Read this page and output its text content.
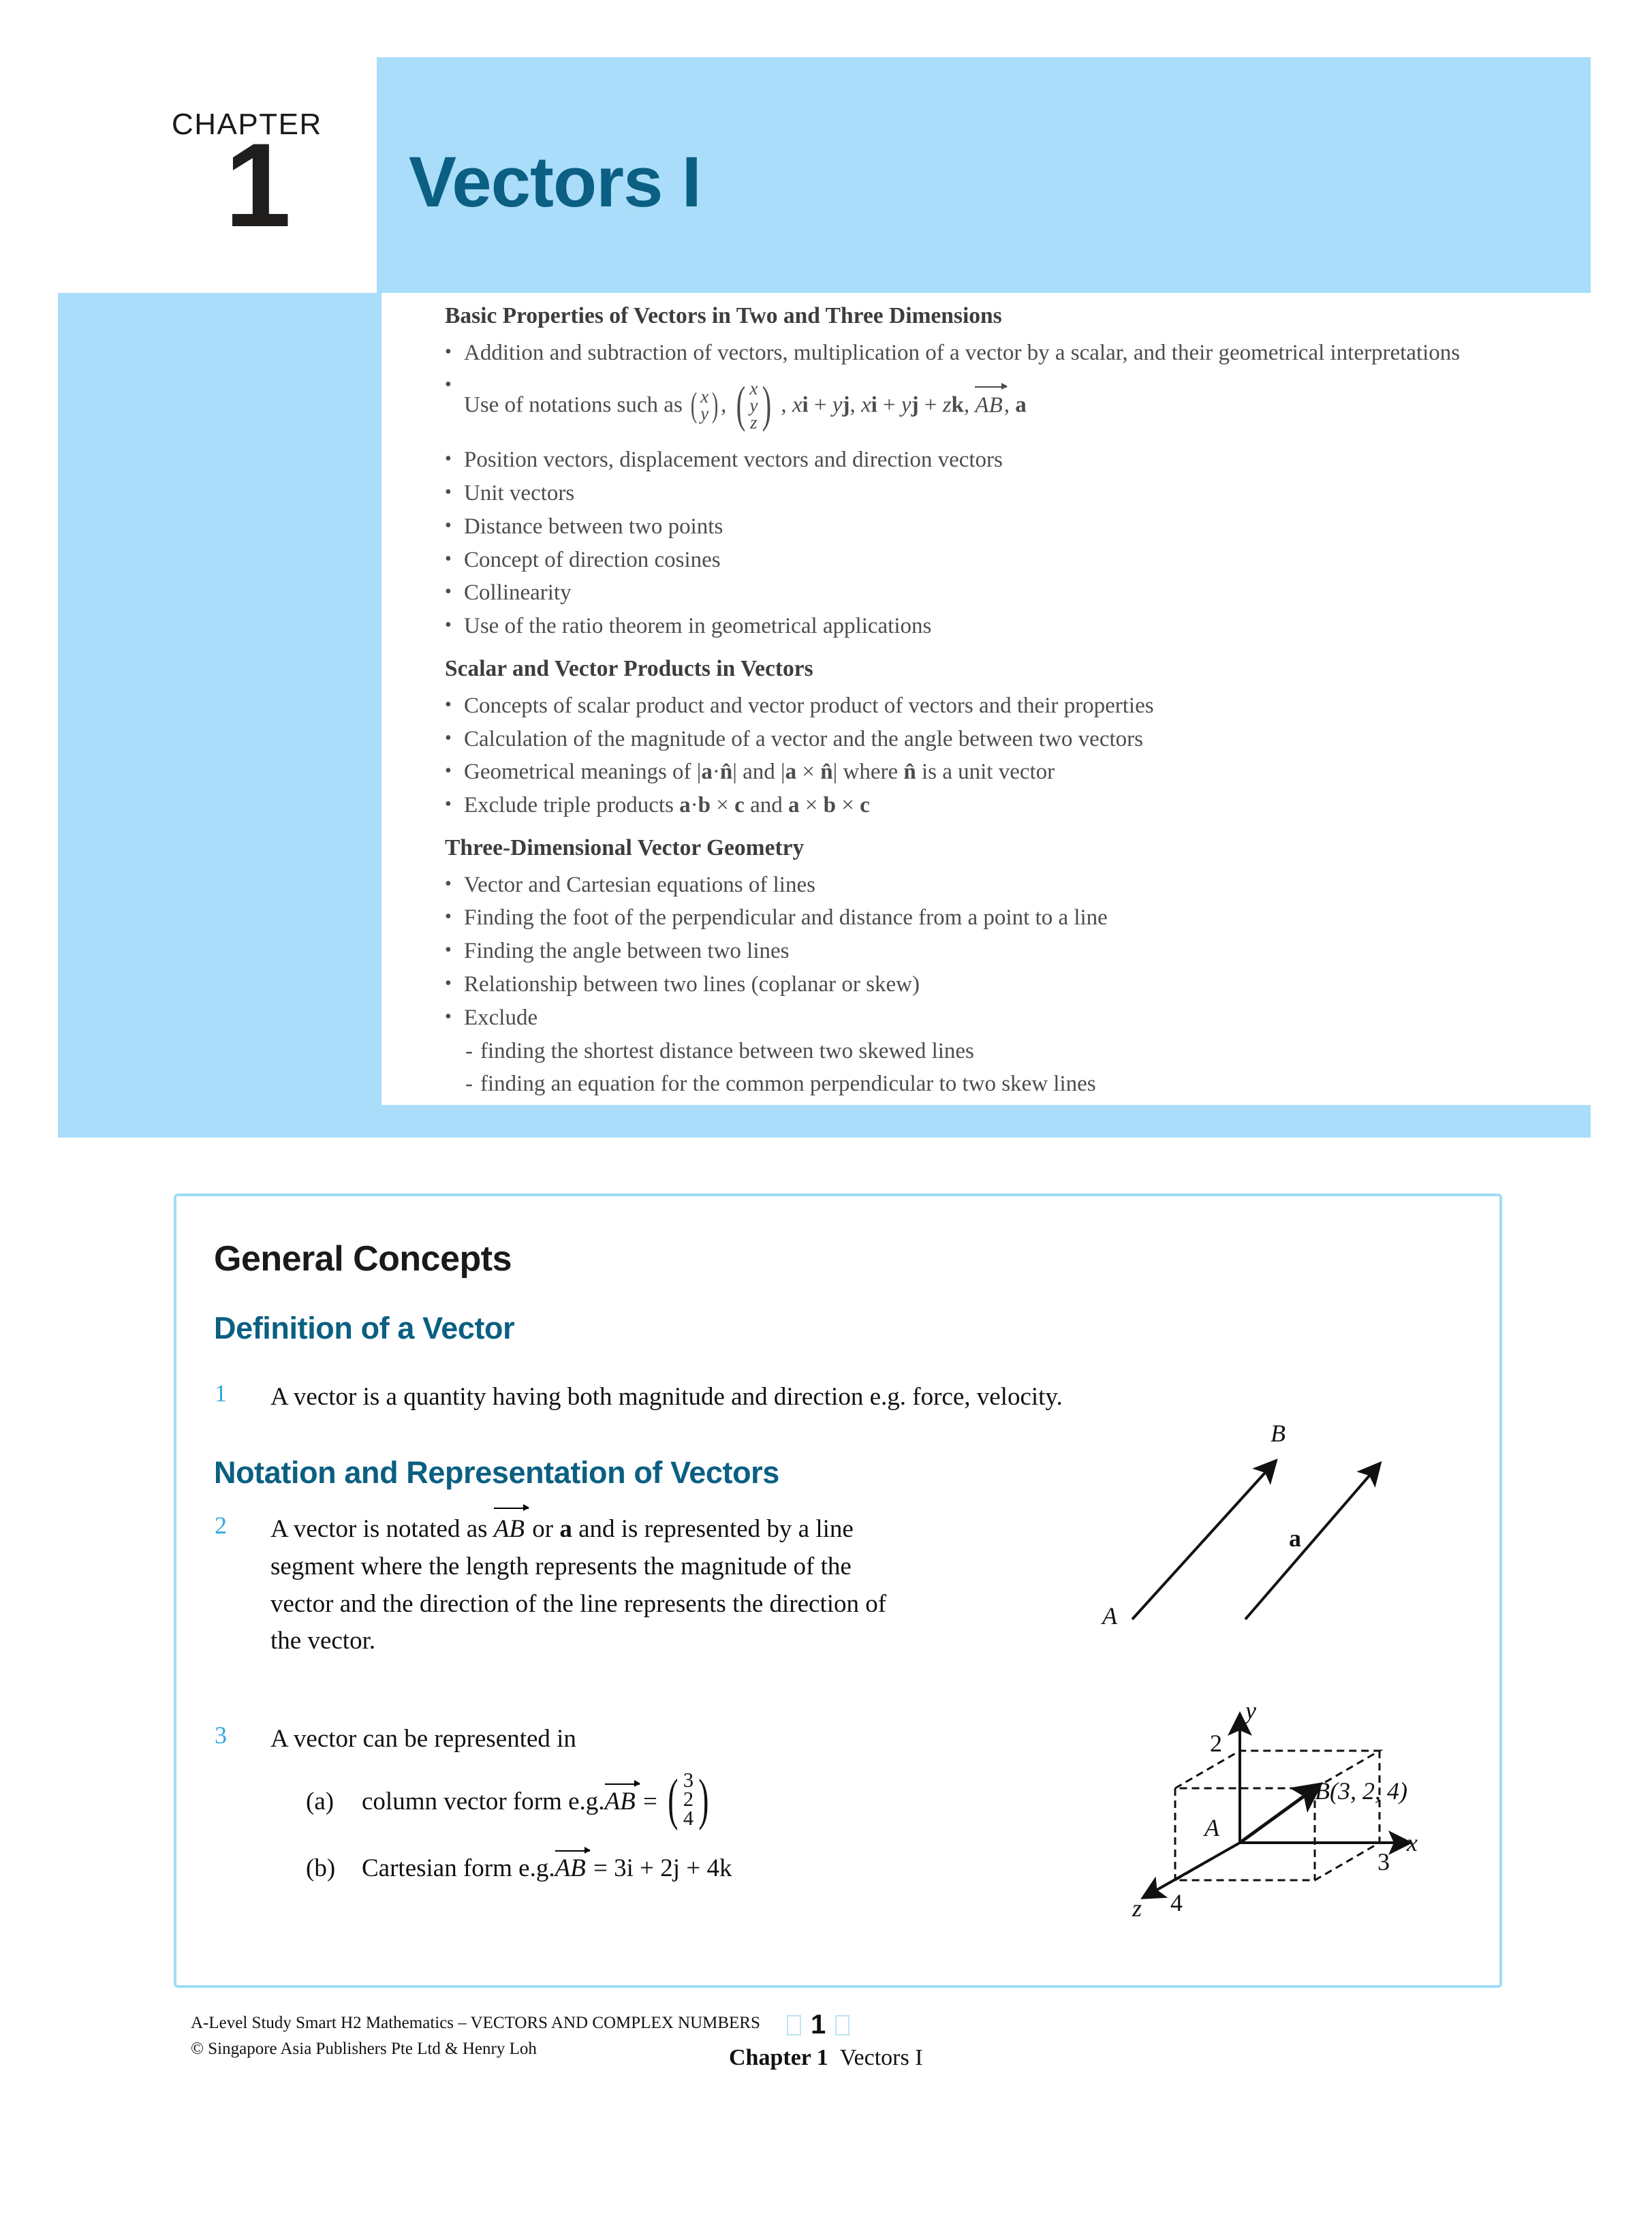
CHAPTER
1 Vectors I
Basic Properties of Vectors in Two and Three Dimensions
• Addition and subtraction of vectors, multiplication of a vector by a scalar, and their geometrical interpretations
•
Use of notations such as ( x
y ) , ( x
y
z ) , xi + yj, xi + yj + zk, AB, a
• Position vectors, displacement vectors and direction vectors
• Unit vectors
• Distance between two points
• Concept of direction cosines
• Collinearity
• Use of the ratio theorem in geometrical applications
Scalar and Vector Products in Vectors
• Concepts of scalar product and vector product of vectors and their properties
• Calculation of the magnitude of a vector and the angle between two vectors
• Geometrical meanings of |a·n̂| and |a × n̂| where n̂ is a unit vector
• Exclude triple products a·b × c and a × b × c
Three-Dimensional Vector Geometry
• Vector and Cartesian equations of lines
• Finding the foot of the perpendicular and distance from a point to a line
• Finding the angle between two lines
• Relationship between two lines (coplanar or skew)
• Exclude
- finding the shortest distance between two skewed lines
- finding an equation for the common perpendicular to two skew lines
General Concepts
Definition of a Vector
1 A vector is a quantity having both magnitude and direction e.g. force, velocity.
Notation and Representation of Vectors
2 A vector is notated as AB or a and is represented by a line segment where the length represents the magnitude of the vector and the direction of the line represents the direction of the vector.
3 A vector can be represented in
(a)	column vector form e.g. AB
=
( 3
2
4 )
(b)	Cartesian form e.g. AB
= 3i + 2j + 4k
A
B
a
y
x
z
2
3
4
A
B(3, 2, 4)
A-Level Study Smart H2 Mathematics – VECTORS AND COMPLEX NUMBERS
© Singapore Asia Publishers Pte Ltd & Henry Loh
1
Chapter 1 Vectors I
